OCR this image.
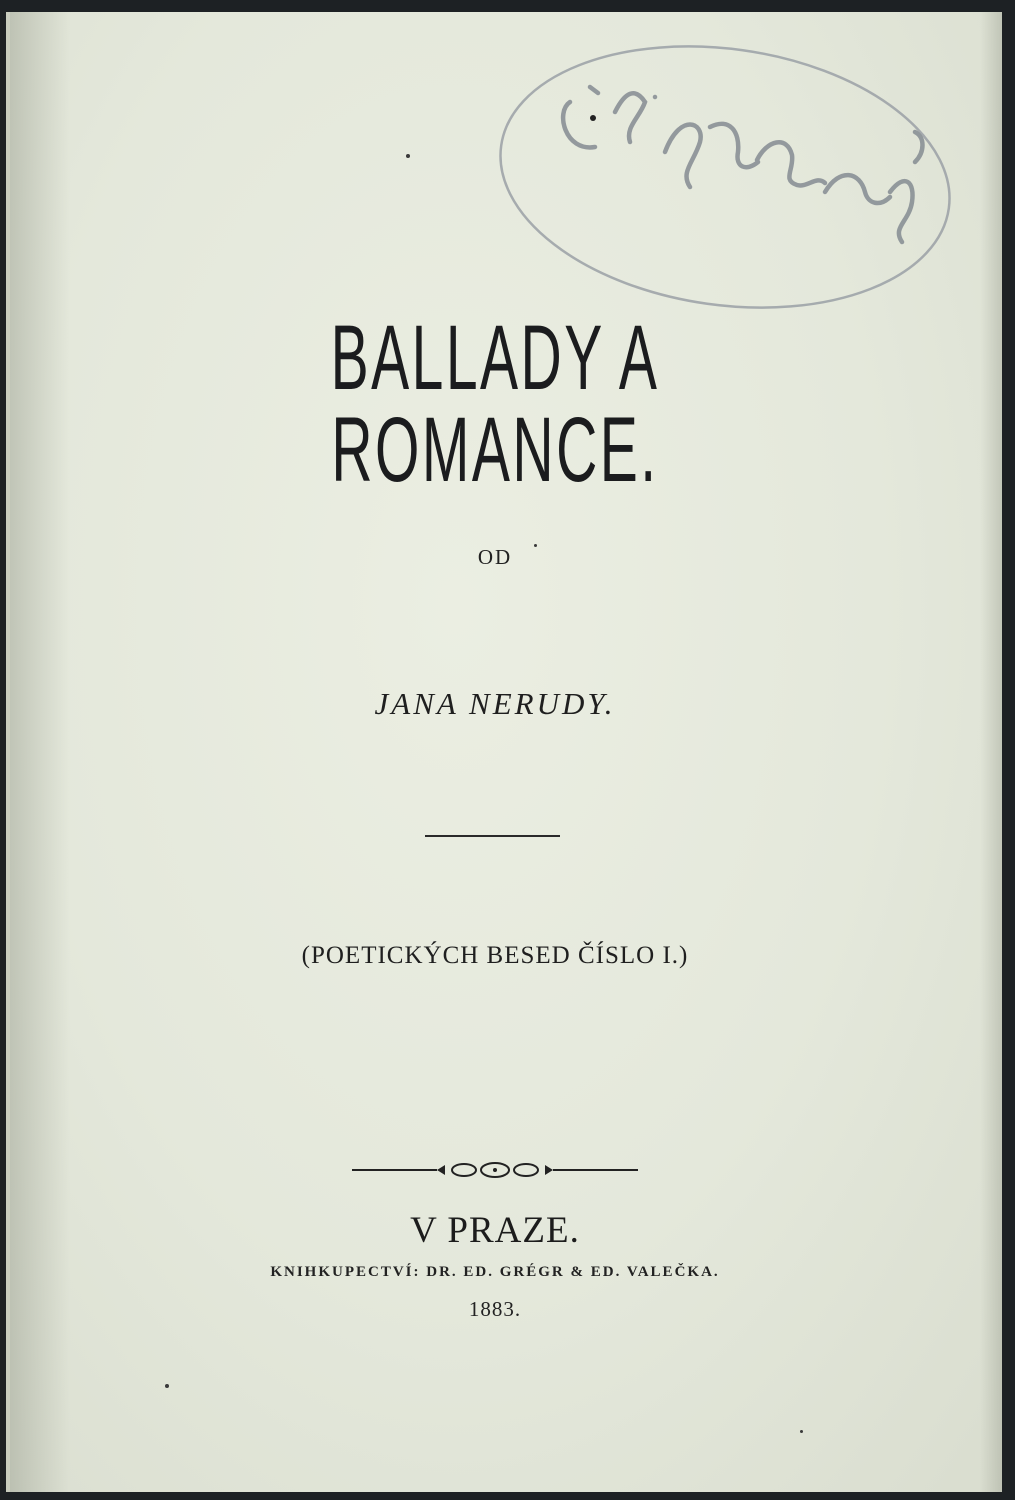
BALLADY A ROMANCE.
OD
JANA NERUDY.
(POETICKÝCH BESED ČÍSLO I.)
V PRAZE.
KNIHKUPECTVÍ: DR. ED. GRÉGR & ED. VALEČKA.
1883.
